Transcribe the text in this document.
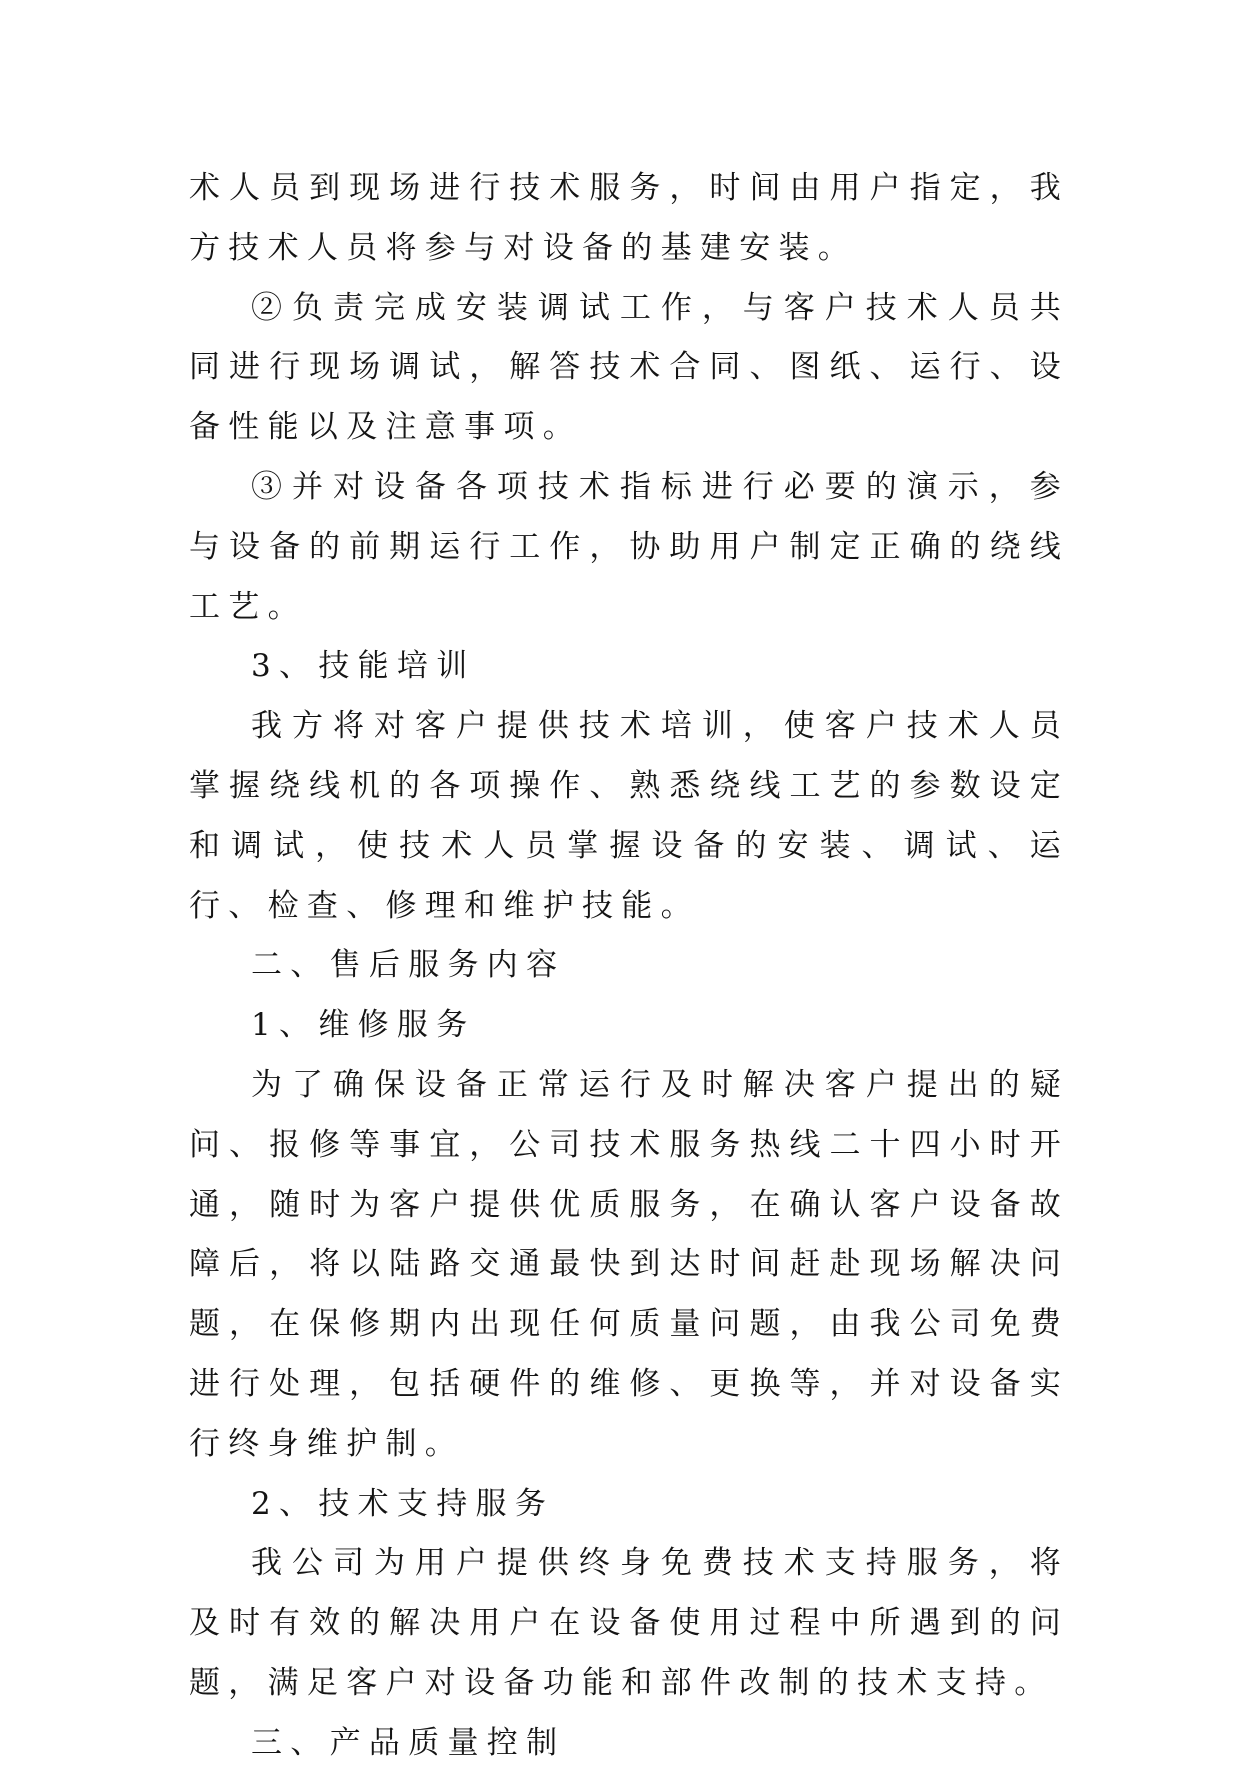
术人员到现场进行技术服务，时间由用户指定，我方技术人员将参与对设备的基建安装。

②负责完成安装调试工作，与客户技术人员共同进行现场调试，解答技术合同、图纸、运行、设备性能以及注意事项。

③并对设备各项技术指标进行必要的演示，参与设备的前期运行工作，协助用户制定正确的绕线工艺。

3、技能培训

我方将对客户提供技术培训，使客户技术人员掌握绕线机的各项操作、熟悉绕线工艺的参数设定和调试，使技术人员掌握设备的安装、调试、运行、检查、修理和维护技能。

二、售后服务内容

1、维修服务

为了确保设备正常运行及时解决客户提出的疑问、报修等事宜，公司技术服务热线二十四小时开通，随时为客户提供优质服务，在确认客户设备故障后，将以陆路交通最快到达时间赶赴现场解决问题，在保修期内出现任何质量问题，由我公司免费进行处理，包括硬件的维修、更换等，并对设备实行终身维护制。

2、技术支持服务

我公司为用户提供终身免费技术支持服务，将及时有效的解决用户在设备使用过程中所遇到的问题，满足客户对设备功能和部件改制的技术支持。

三、产品质量控制
